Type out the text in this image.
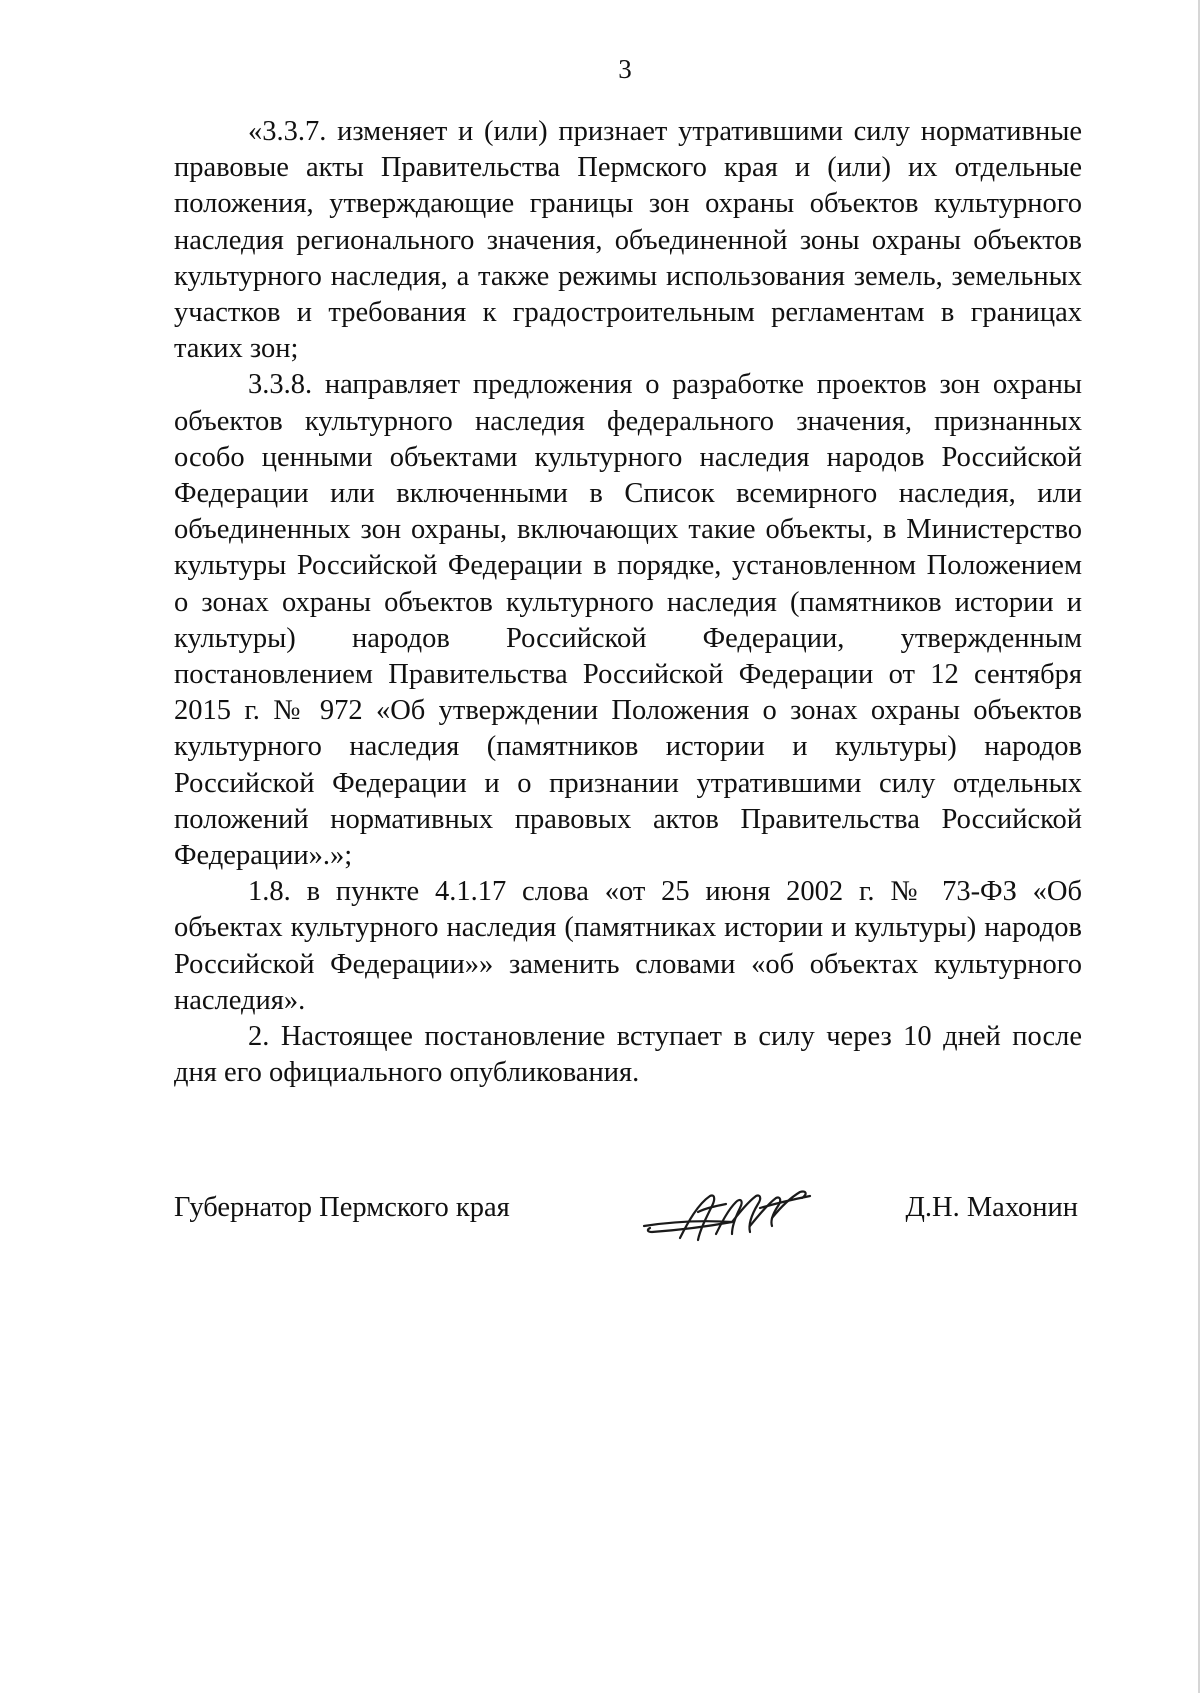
3

«3.3.7. изменяет и (или) признает утратившими силу нормативные правовые акты Правительства Пермского края и (или) их отдельные положения, утверждающие границы зон охраны объектов культурного наследия регионального значения, объединенной зоны охраны объектов культурного наследия, а также режимы использования земель, земельных участков и требования к градостроительным регламентам в границах таких зон;

3.3.8. направляет предложения о разработке проектов зон охраны объектов культурного наследия федерального значения, признанных особо ценными объектами культурного наследия народов Российской Федерации или включенными в Список всемирного наследия, или объединенных зон охраны, включающих такие объекты, в Министерство культуры Российской Федерации в порядке, установленном Положением о зонах охраны объектов культурного наследия (памятников истории и культуры) народов Российской Федерации, утвержденным постановлением Правительства Российской Федерации от 12 сентября 2015 г. № 972 «Об утверждении Положения о зонах охраны объектов культурного наследия (памятников истории и культуры) народов Российской Федерации и о признании утратившими силу отдельных положений нормативных правовых актов Правительства Российской Федерации».»;

1.8. в пункте 4.1.17 слова «от 25 июня 2002 г. № 73-ФЗ «Об объектах культурного наследия (памятниках истории и культуры) народов Российской Федерации»» заменить словами «об объектах культурного наследия».

2. Настоящее постановление вступает в силу через 10 дней после дня его официального опубликования.

Губернатор Пермского края	Д.Н. Махонин
